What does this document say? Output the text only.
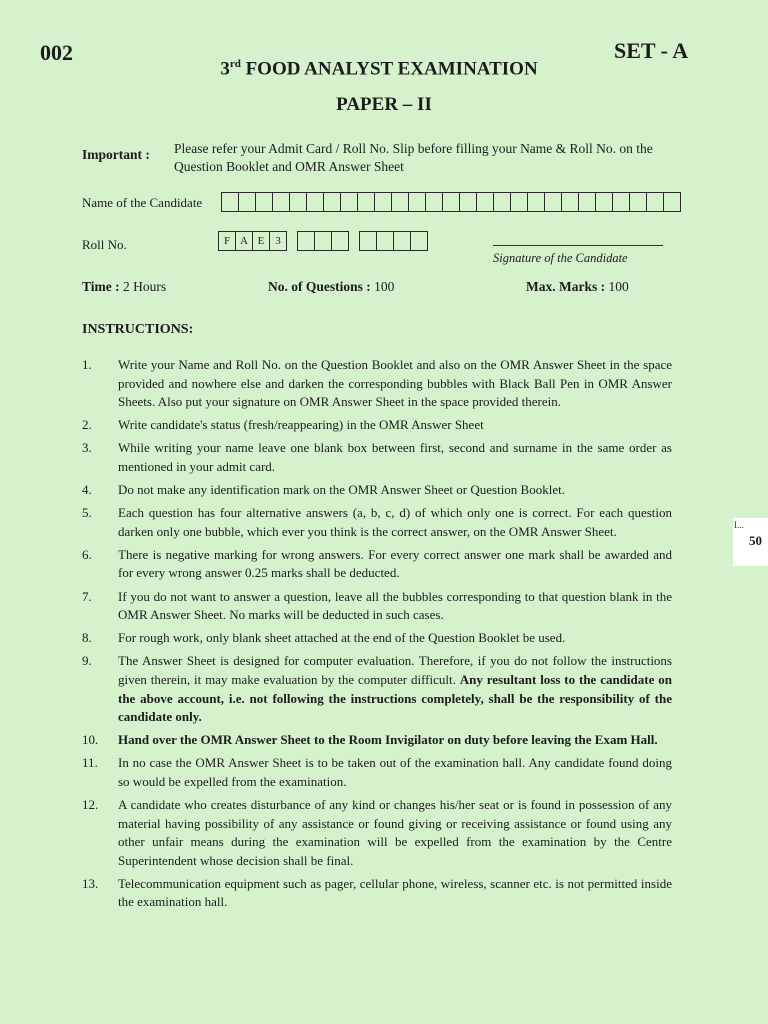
002	SET - A
3rd FOOD ANALYST EXAMINATION
PAPER – II
Important : Please refer your Admit Card / Roll No. Slip before filling your Name & Roll No. on the Question Booklet and OMR Answer Sheet
Name of the Candidate
Roll No.	F A E 3
Signature of the Candidate
Time : 2 Hours	No. of Questions : 100	Max. Marks : 100
INSTRUCTIONS:
1.	Write your Name and Roll No. on the Question Booklet and also on the OMR Answer Sheet in the space provided and nowhere else and darken the corresponding bubbles with Black Ball Pen in OMR Answer Sheets. Also put your signature on OMR Answer Sheet in the space provided therein.
2.	Write candidate's status (fresh/reappearing) in the OMR Answer Sheet
3.	While writing your name leave one blank box between first, second and surname in the same order as mentioned in your admit card.
4.	Do not make any identification mark on the OMR Answer Sheet or Question Booklet.
5.	Each question has four alternative answers (a, b, c, d) of which only one is correct. For each question darken only one bubble, which ever you think is the correct answer, on the OMR Answer Sheet.
6.	There is negative marking for wrong answers. For every correct answer one mark shall be awarded and for every wrong answer 0.25 marks shall be deducted.
7.	If you do not want to answer a question, leave all the bubbles corresponding to that question blank in the OMR Answer Sheet. No marks will be deducted in such cases.
8.	For rough work, only blank sheet attached at the end of the Question Booklet be used.
9.	The Answer Sheet is designed for computer evaluation. Therefore, if you do not follow the instructions given therein, it may make evaluation by the computer difficult. Any resultant loss to the candidate on the above account, i.e. not following the instructions completely, shall be the responsibility of the candidate only.
10.	Hand over the OMR Answer Sheet to the Room Invigilator on duty before leaving the Exam Hall.
11.	In no case the OMR Answer Sheet is to be taken out of the examination hall. Any candidate found doing so would be expelled from the examination.
12.	A candidate who creates disturbance of any kind or changes his/her seat or is found in possession of any material having possibility of any assistance or found giving or receiving assistance or found using any other unfair means during the examination will be expelled from the examination by the Centre Superintendent whose decision shall be final.
13.	Telecommunication equipment such as pager, cellular phone, wireless, scanner etc. is not permitted inside the examination hall.
I...
50
